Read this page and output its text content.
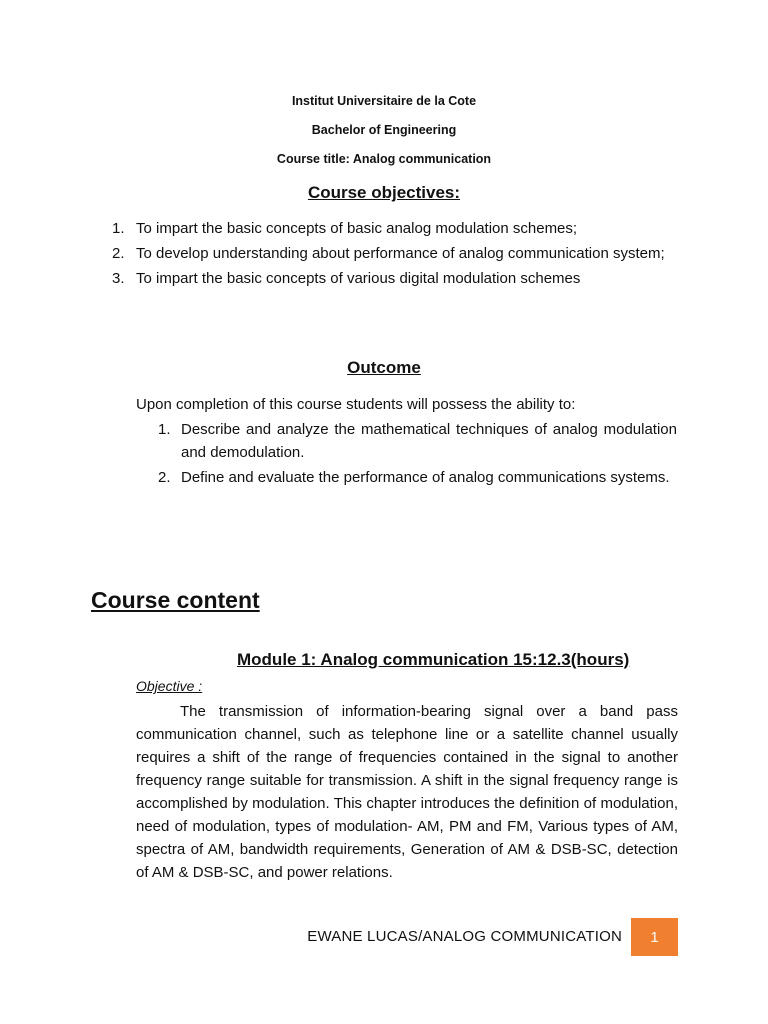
Institut Universitaire de la Cote
Bachelor of Engineering
Course title: Analog communication
Course objectives:
1. To impart the basic concepts of basic analog modulation schemes;
2. To develop understanding about performance of analog communication system;
3. To impart the basic concepts of various digital modulation schemes
Outcome
Upon completion of this course students will possess the ability to:
1. Describe and analyze the mathematical techniques of analog modulation and demodulation.
2. Define and evaluate the performance of analog communications systems.
Course content
Module 1: Analog communication 15:12.3(hours)
Objective :

The transmission of information-bearing signal over a band pass communication channel, such as telephone line or a satellite channel usually requires a shift of the range of frequencies contained in the signal to another frequency range suitable for transmission. A shift in the signal frequency range is accomplished by modulation. This chapter introduces the definition of modulation, need of modulation, types of modulation- AM, PM and FM, Various types of AM, spectra of AM, bandwidth requirements, Generation of AM & DSB-SC, detection of AM & DSB-SC, and power relations.

EWANE LUCAS/ANALOG COMMUNICATION	1
